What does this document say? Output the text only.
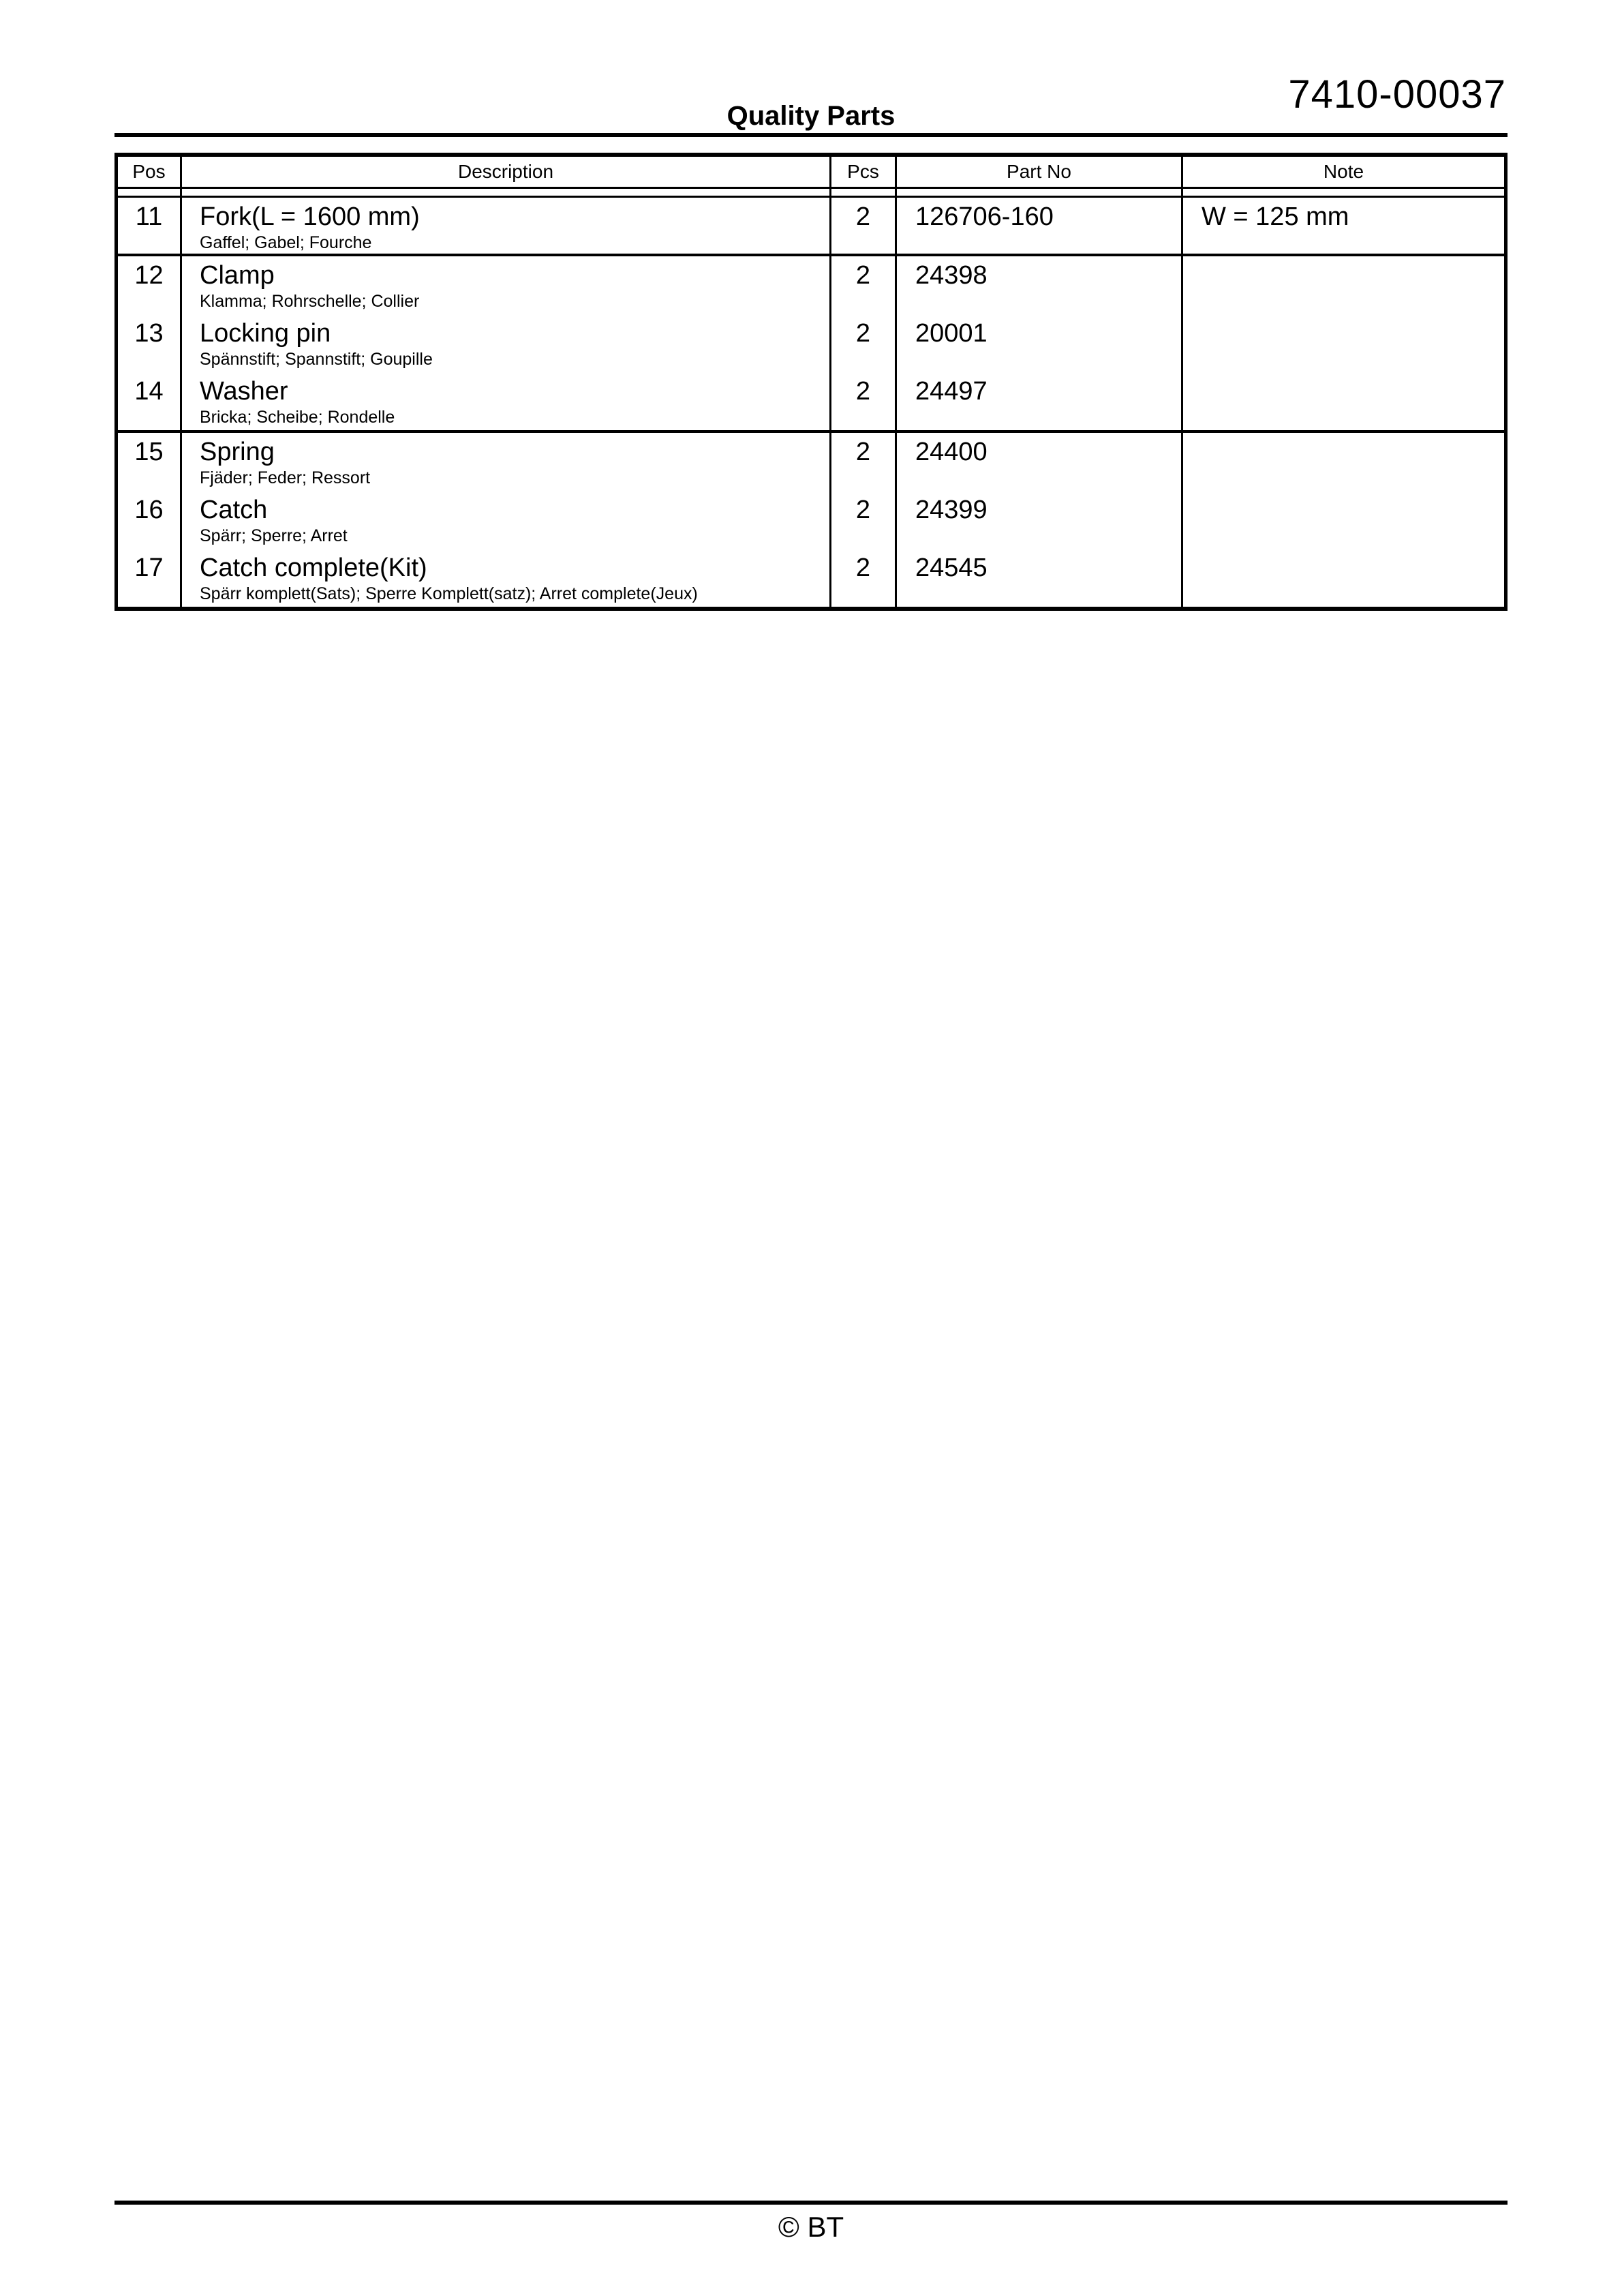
7410-00037
Quality Parts
Pos	Description	Pcs	Part No	Note
11	Fork(L = 1600 mm)
Gaffel; Gabel; Fourche
2	126706-160	W = 125 mm
12	Clamp
Klamma; Rohrschelle; Collier
2	24398
13	Locking pin
Spännstift; Spannstift; Goupille
2	20001
14	Washer
Bricka; Scheibe; Rondelle
2	24497
15	Spring
Fjäder; Feder; Ressort
2	24400
16	Catch
Spärr; Sperre; Arret
2	24399
17	Catch complete(Kit)
Spärr komplett(Sats); Sperre Komplett(satz); Arret complete(Jeux)
2	24545
© BT
